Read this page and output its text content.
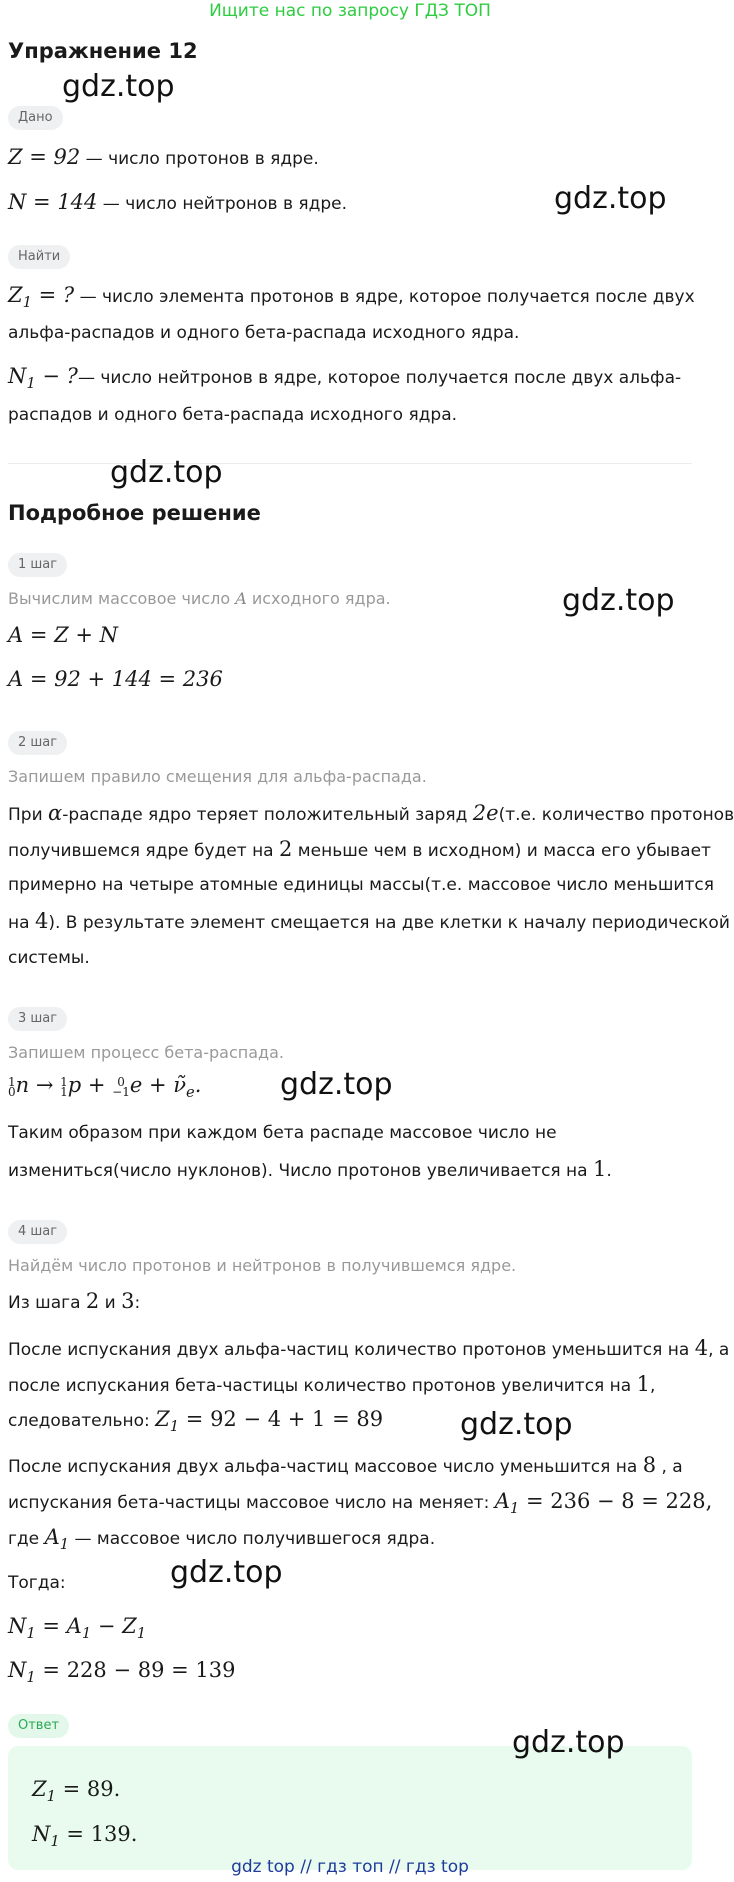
Ищите нас по запросу ГДЗ ТОП
Упражнение 12
gdz.top
Дано
Z = 92 — число протонов в ядре.
gdz.top
N = 144 — число нейтронов в ядре.
Найти
$Z_1$ = ? — число элемента протонов в ядре, которое получается после двух
альфа-распадов и одного бета-распада исходного ядра.
$N_1$ − ?— число нейтронов в ядре, которое получается после двух альфа-
распадов и одного бета-распада исходного ядра.
gdz.top
Подробное решение
1 шаг
Вычислим массовое число A исходного ядра.	gdz.top
A = Z + N
A = 92 + 144 = 236
2 шаг
Запишем правило смещения для альфа-распада.
При α-распаде ядро теряет положительный заряд 2e(т.е. количество протонов
получившемся ядре будет на 2 меньше чем в исходном) и масса его убывает
примерно на четыре атомные единицы массы(т.е. массовое число меньшится
на 4). В результате элемент смещается на две клетки к началу периодической
системы.
3 шаг
Запишем процесс бета-распада.
1
0n → 1
1p + 0
$-1e + \nũ_e$.	gdz.top
Таким образом при каждом бета распаде массовое число не
измениться(число нуклонов). Число протонов увеличивается на 1.
4 шаг
Найдём число протонов и нейтронов в получившемся ядре.
Из шага 2 и 3:
После испускания двух альфа-частиц количество протонов уменьшится на 4, а
после испускания бета-частицы количество протонов увеличится на 1,
следовательно: $Z_1 = 92 - 4 + 1 = 89$	gdz.top
После испускания двух альфа-частиц массовое число уменьшится на 8 , а
испускания бета-частицы массовое число на меняет: $A_1 = 236 - 8 = 228$,
где $A_1$ — массовое число получившегося ядра.
Тогда:	gdz.top
$N_1 = A_1 - Z_1$
$N_1 = 228 - 89 = 139$
Ответ	gdz.top
$Z_1 = 89$.
$N_1 = 139$.
gdz top // гдз топ // гдз top
